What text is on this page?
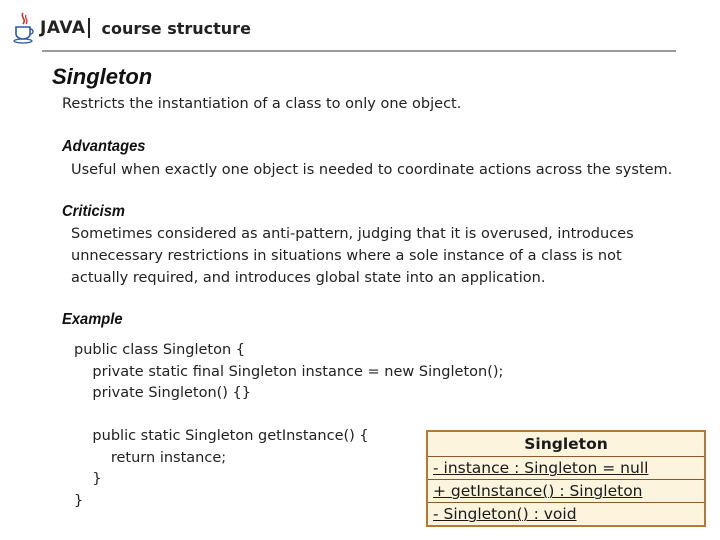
JAVA course structure
Singleton
Restricts the instantiation of a class to only one object.
Advantages
Useful when exactly one object is needed to coordinate actions across the system.
Criticism
Sometimes considered as anti-pattern, judging that it is overused, introduces
unnecessary restrictions in situations where a sole instance of a class is not
actually required, and introduces global state into an application.
Example
public class Singleton {
private static final Singleton instance = new Singleton();
private Singleton() {}

public static Singleton getInstance() {
return instance;
}
}
Singleton
- instance : Singleton = null
+ getInstance() : Singleton
- Singleton() : void
